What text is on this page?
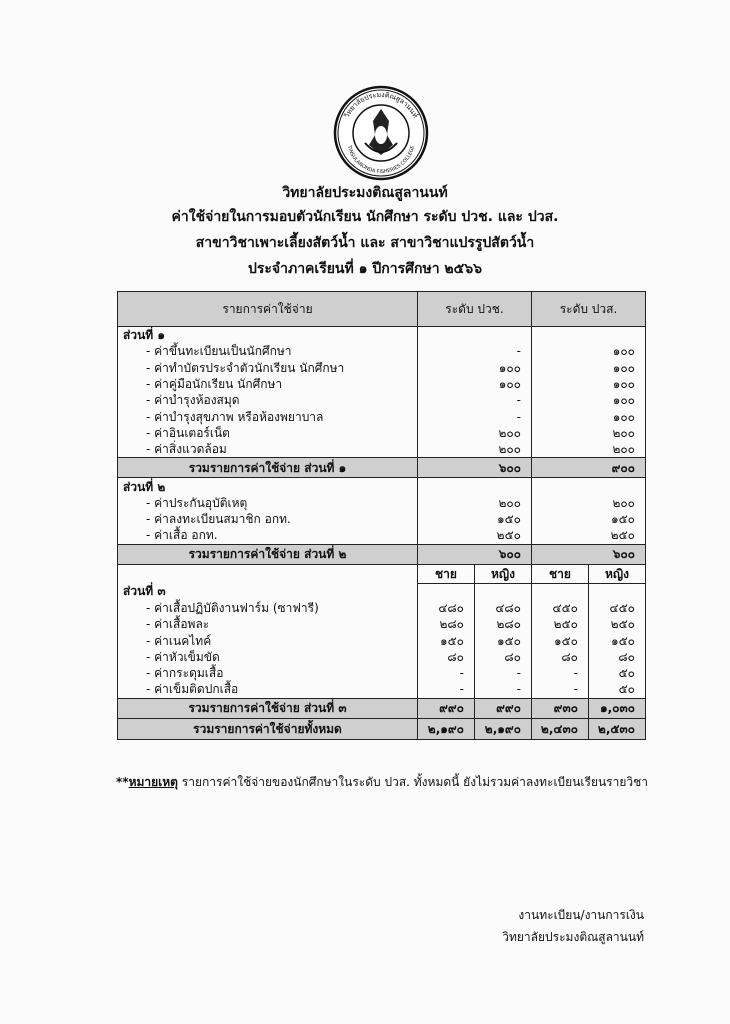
วิทยาลัยประมงติณสูลานนท์
TINSULANONDA FISHERIES COLLEGE
วิทยาลัยประมงติณสูลานนท์
ค่าใช้จ่ายในการมอบตัวนักเรียน นักศึกษา ระดับ ปวช. และ ปวส.
สาขาวิชาเพาะเลี้ยงสัตว์น้ำ และ สาขาวิชาแปรรูปสัตว์น้ำ
ประจำภาคเรียนที่ ๑ ปีการศึกษา ๒๕๖๖
รายการค่าใช้จ่าย	ระดับ ปวช.		ระดับ ปวส.	
ส่วนที่ ๑				
- ค่าขึ้นทะเบียนเป็นนักศึกษา	-		๑๐๐	
- ค่าทำบัตรประจำตัวนักเรียน นักศึกษา	๑๐๐		๑๐๐	
- ค่าคู่มือนักเรียน นักศึกษา	๑๐๐		๑๐๐	
- ค่าบำรุงห้องสมุด	-		๑๐๐	
- ค่าบำรุงสุขภาพ หรือห้องพยาบาล	-		๑๐๐	
- ค่าอินเตอร์เน็ต	๒๐๐		๒๐๐	
- ค่าสิ่งแวดล้อม	๒๐๐		๒๐๐	
รวมรายการค่าใช้จ่าย ส่วนที่ ๑	๖๐๐		๙๐๐	
ส่วนที่ ๒				
- ค่าประกันอุบัติเหตุ	๒๐๐		๒๐๐	
- ค่าลงทะเบียนสมาชิก อกท.	๑๕๐		๑๕๐	
- ค่าเสื้อ อกท.	๒๕๐		๒๕๐	
รวมรายการค่าใช้จ่าย ส่วนที่ ๒	๖๐๐		๖๐๐	
	ชาย	หญิง	ชาย	หญิง
ส่วนที่ ๓				
- ค่าเสื้อปฏิบัติงานฟาร์ม (ซาฟารี)	๔๘๐	๔๘๐	๔๕๐	๔๕๐
- ค่าเสื้อพละ	๒๘๐	๒๘๐	๒๕๐	๒๕๐
- ค่าเนคไทค์	๑๕๐	๑๕๐	๑๕๐	๑๕๐
- ค่าหัวเข็มขัด	๘๐	๘๐	๘๐	๘๐
- ค่ากระดุมเสื้อ	-	-	-	๕๐
- ค่าเข็มติดปกเสื้อ	-	-	-	๕๐
รวมรายการค่าใช้จ่าย ส่วนที่ ๓	๙๙๐	๙๙๐	๙๓๐	๑,๐๓๐
รวมรายการค่าใช้จ่ายทั้งหมด	๒,๑๙๐	๒,๑๙๐	๒,๔๓๐	๒,๕๓๐
**หมายเหตุ รายการค่าใช้จ่ายของนักศึกษาในระดับ ปวส. ทั้งหมดนี้ ยังไม่รวมค่าลงทะเบียนเรียนรายวิชา
งานทะเบียน/งานการเงิน
วิทยาลัยประมงติณสูลานนท์
